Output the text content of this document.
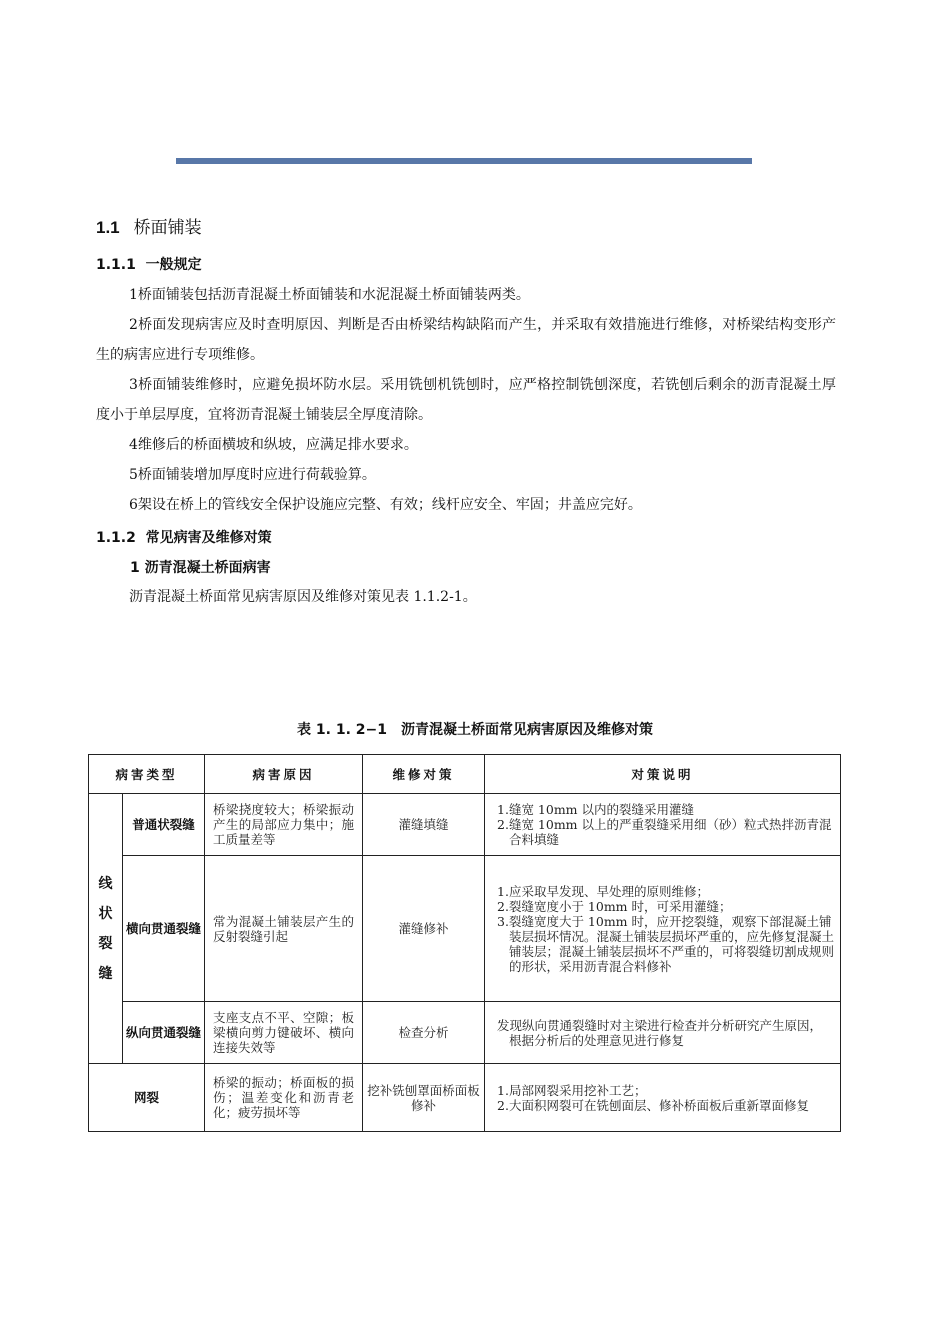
1.1 桥面铺装
1.1.1 一般规定

1桥面铺装包括沥青混凝土桥面铺装和水泥混凝土桥面铺装两类。

2桥面发现病害应及时查明原因、判断是否由桥梁结构缺陷而产生，并采取有效措施进行维修，对桥梁结构变形产生的病害应进行专项维修。

3桥面铺装维修时，应避免损坏防水层。采用铣刨机铣刨时，应严格控制铣刨深度，若铣刨后剩余的沥青混凝土厚度小于单层厚度，宜将沥青混凝土铺装层全厚度清除。

4维修后的桥面横坡和纵坡，应满足排水要求。

5桥面铺装增加厚度时应进行荷载验算。

6架设在桥上的管线安全保护设施应完整、有效；线杆应安全、牢固；井盖应完好。

1.1.2 常见病害及维修对策
1 沥青混凝土桥面病害

沥青混凝土桥面常见病害原因及维修对策见表 1.1.2-1。

表 1. 1. 2−1　沥青混凝土桥面常见病害原因及维修对策
病害类型		病害原因	维修对策	对策说明

线状裂缝	普通状裂缝	桥梁挠度较大；桥梁振动产生的局部应力集中；施工质量差等	灌缝填缝	1.缝宽 10mm 以内的裂缝采用灌缝
2.缝宽 10mm 以上的严重裂缝采用细（砂）粒式热拌沥青混合料填缝

	横向贯通裂缝	常为混凝土铺装层产生的反射裂缝引起	灌缝修补	1.应采取早发现、早处理的原则维修；
2.裂缝宽度小于 10mm 时，可采用灌缝；
3.裂缝宽度大于 10mm 时，应开挖裂缝，观察下部混凝土铺装层损坏情况。混凝土铺装层损坏严重的，应先修复混凝土铺装层；混凝土铺装层损坏不严重的，可将裂缝切割成规则的形状，采用沥青混合料修补

	纵向贯通裂缝	支座支点不平、空隙；板梁横向剪力键破坏、横向连接失效等	检查分析	发现纵向贯通裂缝时对主梁进行检查并分析研究产生原因，根据分析后的处理意见进行修复

网裂		桥梁的振动；桥面板的损伤；温差变化和沥青老化；疲劳损坏等	挖补铣刨罩面桥面板修补	1.局部网裂采用挖补工艺；
2.大面积网裂可在铣刨面层、修补桥面板后重新罩面修复
